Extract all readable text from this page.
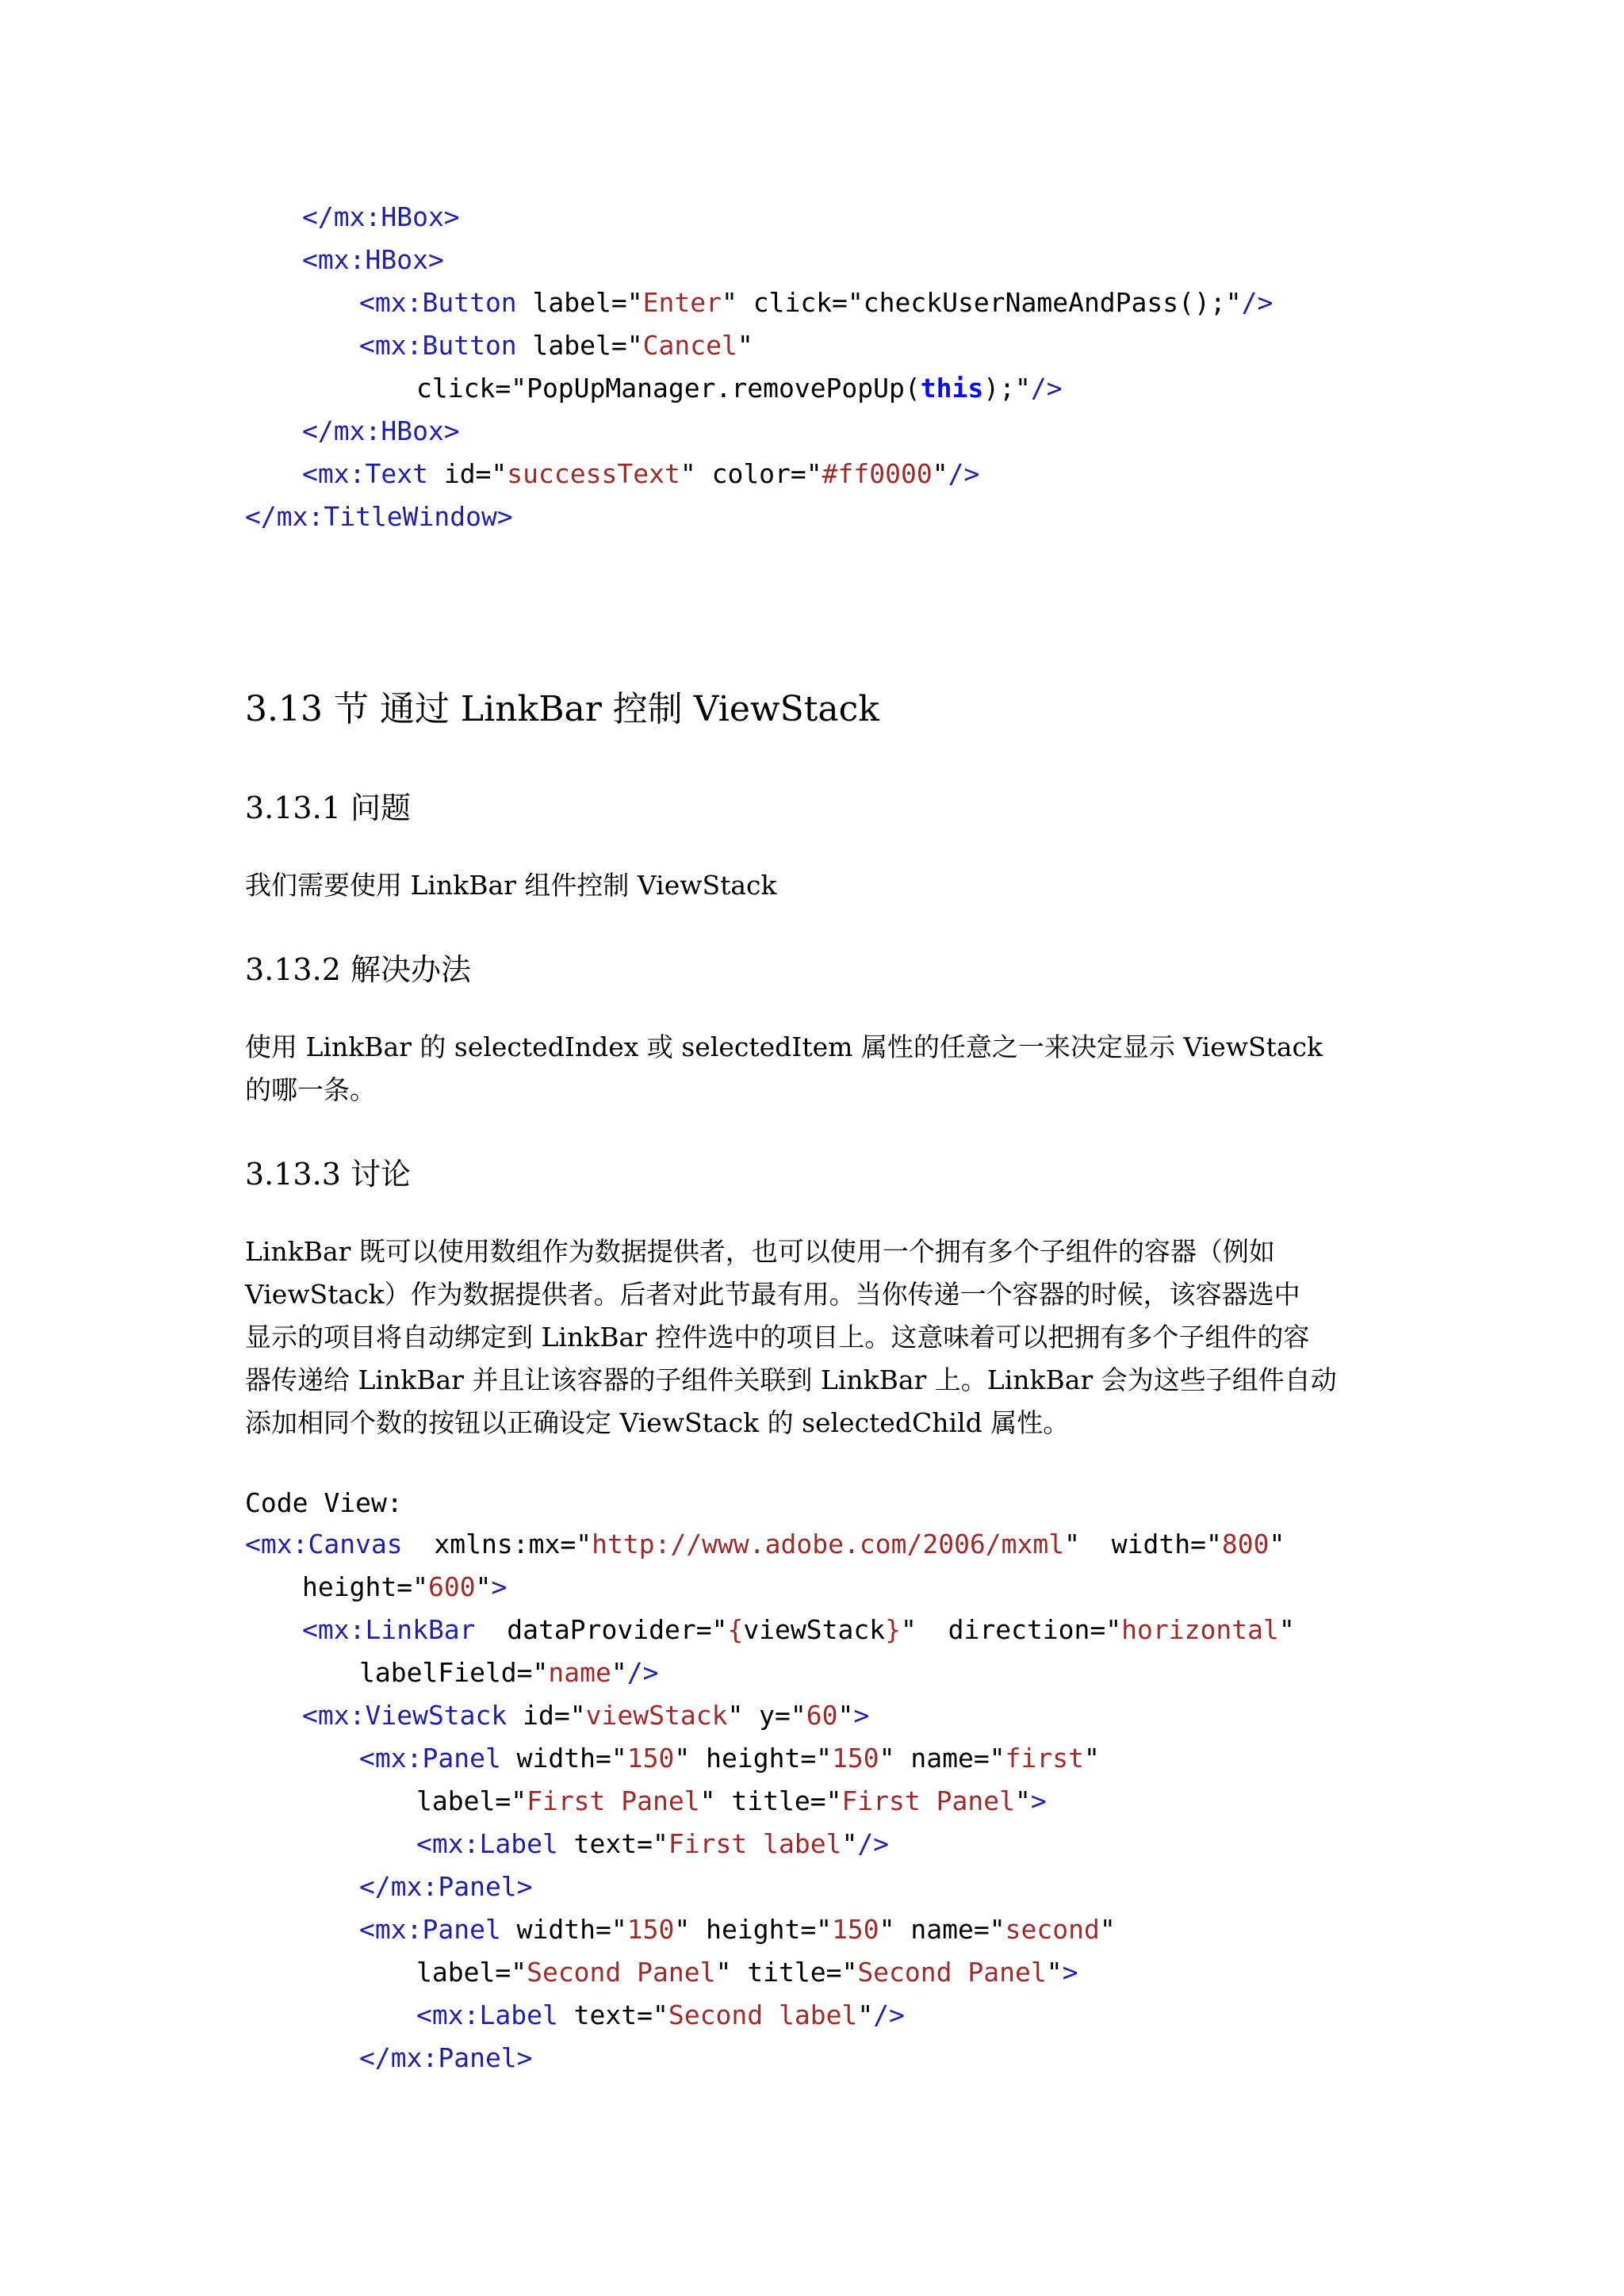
</mx:HBox>
<mx:HBox>
<mx:Button label="Enter" click="checkUserNameAndPass();"/>
<mx:Button label="Cancel"
click="PopUpManager.removePopUp(this);"/>
</mx:HBox>
<mx:Text id="successText" color="#ff0000"/>
</mx:TitleWindow>
3.13 节 通过 LinkBar 控制 ViewStack
3.13.1 问题
我们需要使用 LinkBar 组件控制 ViewStack
3.13.2 解决办法
使用 LinkBar 的 selectedIndex 或 selectedItem 属性的任意之一来决定显示 ViewStack
的哪一条。
3.13.3 讨论
LinkBar 既可以使用数组作为数据提供者，也可以使用一个拥有多个子组件的容器（例如
ViewStack）作为数据提供者。后者对此节最有用。当你传递一个容器的时候，该容器选中
显示的项目将自动绑定到 LinkBar 控件选中的项目上。这意味着可以把拥有多个子组件的容
器传递给 LinkBar 并且让该容器的子组件关联到 LinkBar 上。LinkBar 会为这些子组件自动
添加相同个数的按钮以正确设定 ViewStack 的 selectedChild 属性。
Code View:
<mx:Canvas  xmlns:mx="http://www.adobe.com/2006/mxml"  width="800"
height="600">
<mx:LinkBar  dataProvider="{viewStack}"  direction="horizontal"
labelField="name"/>
<mx:ViewStack id="viewStack" y="60">
<mx:Panel width="150" height="150" name="first"
label="First Panel" title="First Panel">
<mx:Label text="First label"/>
</mx:Panel>
<mx:Panel width="150" height="150" name="second"
label="Second Panel" title="Second Panel">
<mx:Label text="Second label"/>
</mx:Panel>
